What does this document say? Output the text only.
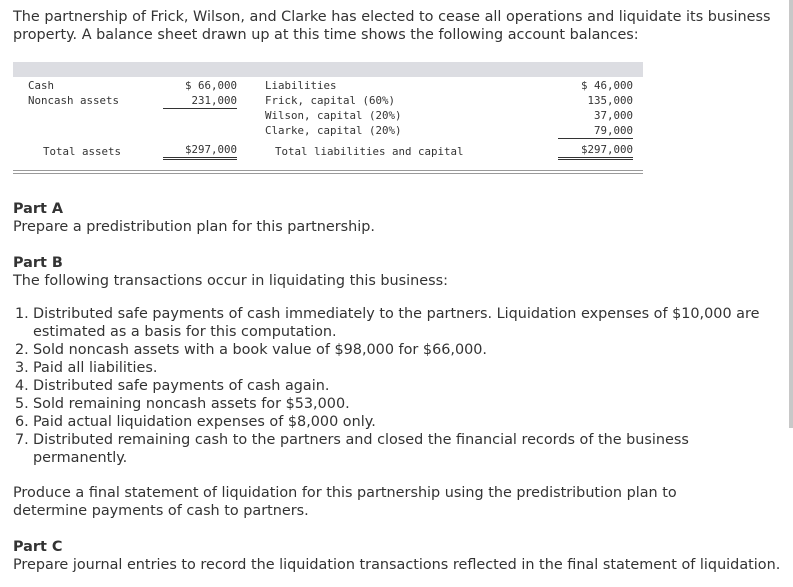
The partnership of Frick, Wilson, and Clarke has elected to cease all operations and liquidate its business property. A balance sheet drawn up at this time shows the following account balances:

Cash
Noncash assets
$ 66,000
231,000
Total assets	$297,000
Liabilities
Frick, capital (60%)
Wilson, capital (20%)
Clarke, capital (20%)
Total liabilities and capital
$ 46,000
135,000
37,000
79,000
$297,000

Part A

Prepare a predistribution plan for this partnership.

Part B

The following transactions occur in liquidating this business:

1. Distributed safe payments of cash immediately to the partners. Liquidation expenses of $10,000 are estimated as a basis for this computation.
2. Sold noncash assets with a book value of $98,000 for $66,000.
3. Paid all liabilities.
4. Distributed safe payments of cash again.
5. Sold remaining noncash assets for $53,000.
6. Paid actual liquidation expenses of $8,000 only.
7. Distributed remaining cash to the partners and closed the financial records of the business permanently.

Produce a final statement of liquidation for this partnership using the predistribution plan to determine payments of cash to partners.

Part C

Prepare journal entries to record the liquidation transactions reflected in the final statement of liquidation.
